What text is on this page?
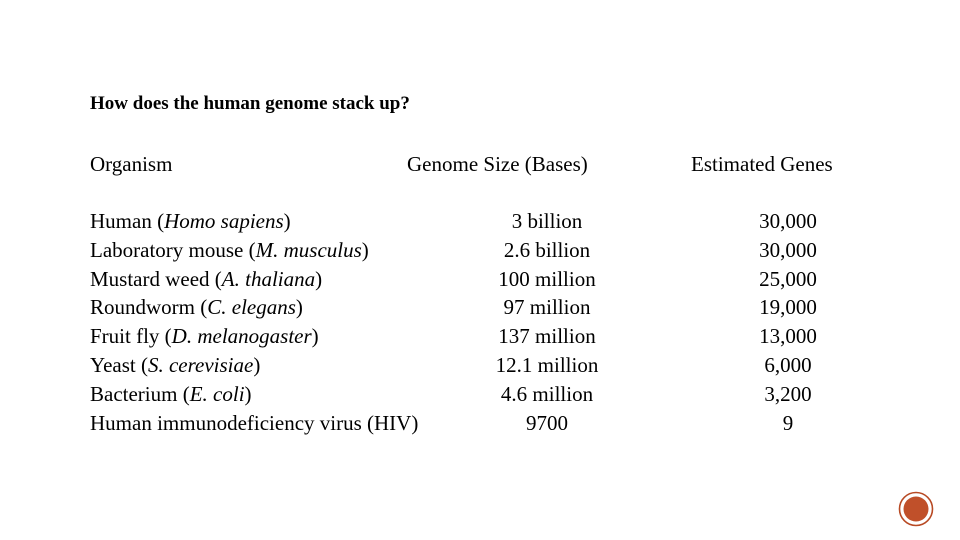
How does the human genome stack up?
Organism	Genome Size (Bases)	Estimated Genes
Human (Homo sapiens)	3 billion	30,000
Laboratory mouse (M. musculus)	2.6 billion	30,000
Mustard weed (A. thaliana)	100 million	25,000
Roundworm (C. elegans)	97 million	19,000
Fruit fly (D. melanogaster)	137 million	13,000
Yeast (S. cerevisiae)	12.1 million	6,000
Bacterium (E. coli)	4.6 million	3,200
Human immunodeficiency virus (HIV)	9700	9
